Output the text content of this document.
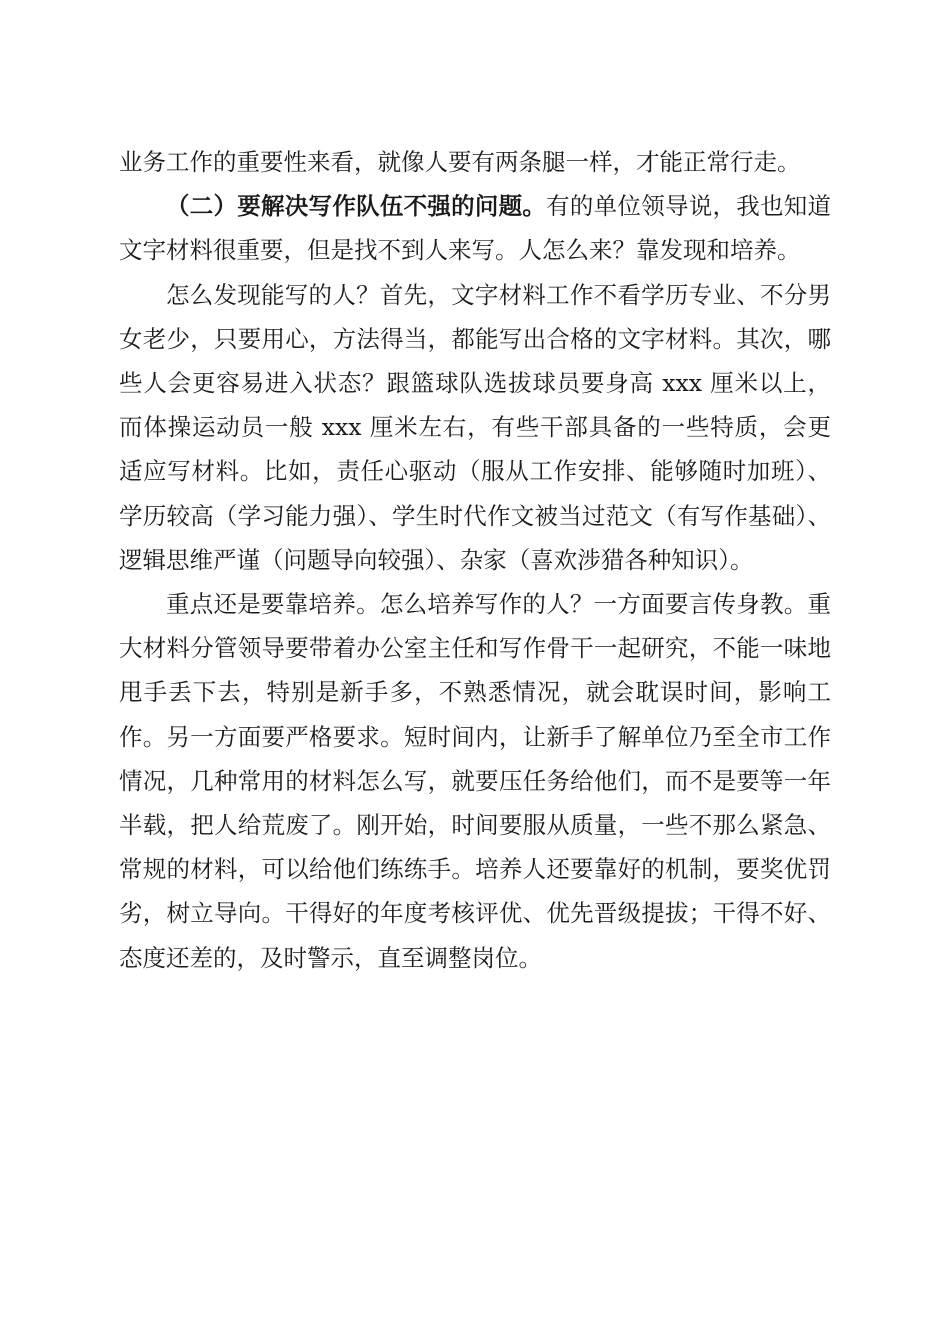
业务工作的重要性来看，就像人要有两条腿一样，才能正常行走。

（二）要解决写作队伍不强的问题。有的单位领导说，我也知道文字材料很重要，但是找不到人来写。人怎么来？靠发现和培养。

怎么发现能写的人？首先，文字材料工作不看学历专业、不分男女老少，只要用心，方法得当，都能写出合格的文字材料。其次，哪些人会更容易进入状态？跟篮球队选拔球员要身高 xxx 厘米以上，而体操运动员一般 xxx 厘米左右，有些干部具备的一些特质，会更适应写材料。比如，责任心驱动（服从工作安排、能够随时加班）、学历较高（学习能力强）、学生时代作文被当过范文（有写作基础）、逻辑思维严谨（问题导向较强）、杂家（喜欢涉猎各种知识）。

重点还是要靠培养。怎么培养写作的人？一方面要言传身教。重大材料分管领导要带着办公室主任和写作骨干一起研究，不能一味地甩手丢下去，特别是新手多，不熟悉情况，就会耽误时间，影响工作。另一方面要严格要求。短时间内，让新手了解单位乃至全市工作情况，几种常用的材料怎么写，就要压任务给他们，而不是要等一年半载，把人给荒废了。刚开始，时间要服从质量，一些不那么紧急、常规的材料，可以给他们练练手。培养人还要靠好的机制，要奖优罚劣，树立导向。干得好的年度考核评优、优先晋级提拔；干得不好、态度还差的，及时警示，直至调整岗位。
